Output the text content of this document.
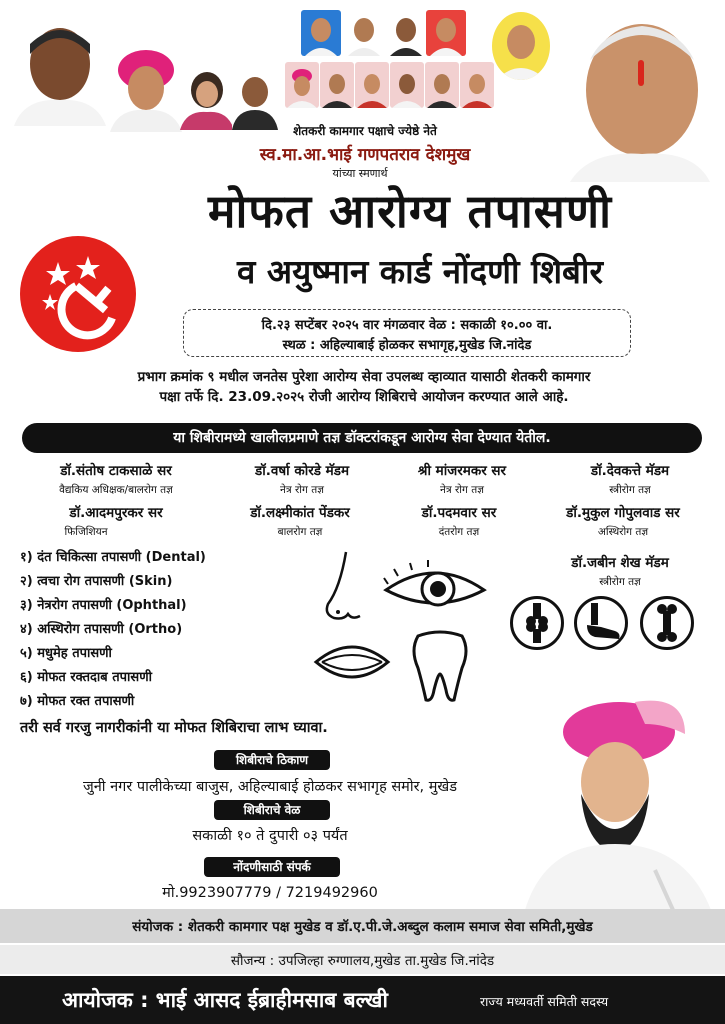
शेतकरी कामगार पक्षाचे ज्येष्ठे नेते
स्व.मा.आ.भाई गणपतराव देशमुख
यांच्या स्मणार्थ
मोफत आरोग्य तपासणी
व अयुष्मान कार्ड नोंदणी शिबीर
दि.२३ सप्टेंबर २०२५ वार मंगळवार वेळ : सकाळी १०.०० वा.
स्थळ : अहिल्याबाई होळकर सभागृह,मुखेड जि.नांदेड
प्रभाग क्रमांक ९ मधील जनतेस पुरेशा आरोग्य सेवा उपलब्ध व्हाव्यात यासाठी शेतकरी कामगार
पक्षा तर्फे दि. 23.09.२०२५ रोजी आरोग्य शिबिराचे आयोजन करण्यात आले आहे.
या शिबीरामध्ये खालीलप्रमाणे तज्ञ डॉक्टरांकडून आरोग्य सेवा देण्यात येतील.
डॉ.संतोष टाकसाळे सर
वैद्यकिय अधिक्षक/बालरोग तज्ञ
डॉ.वर्षा कोरडे मॅडम
नेत्र रोग तज्ञ
श्री मांजरमकर सर
नेत्र रोग तज्ञ
डॉ.देवकत्ते मॅडम
स्त्रीरोग तज्ञ
डॉ.आदमपुरकर सर
फिजिशियन
डॉ.लक्ष्मीकांत पेंडकर
बालरोग तज्ञ
डॉ.पदमवार सर
दंतरोग तज्ञ
डॉ.मुकुल गोपुलवाड सर
अस्थिरोग तज्ञ
डॉ.जबीन शेख मॅडम
स्त्रीरोग तज्ञ
१) दंत चिकित्सा तपासणी (Dental)
२) त्वचा रोग तपासणी (Skin)
३) नेत्ररोग तपासणी (Ophthal)
४) अस्थिरोग तपासणी (Ortho)
५) मधुमेह तपासणी
६) मोफत रक्तदाब तपासणी
७) मोफत रक्त तपासणी
तरी सर्व गरजु नागरीकांनी या मोफत शिबिराचा लाभ घ्यावा.
शिबीराचे ठिकाण
जुनी नगर पालीकेच्या बाजुस, अहिल्याबाई होळकर सभागृह समोर, मुखेड
शिबीराचे वेळ
सकाळी १० ते दुपारी ०३ पर्यंत
नोंदणीसाठी संपर्क
मो.9923907779 / 7219492960
संयोजक : शेतकरी कामगार पक्ष मुखेड व डॉ.ए.पी.जे.अब्दुल कलाम समाज सेवा समिती,मुखेड
सौजन्य : उपजिल्हा रुग्णालय,मुखेड ता.मुखेड जि.नांदेड
आयोजक : भाई आसद ईब्राहीमसाब बल्खी	राज्य मध्यवर्ती समिती सदस्य
